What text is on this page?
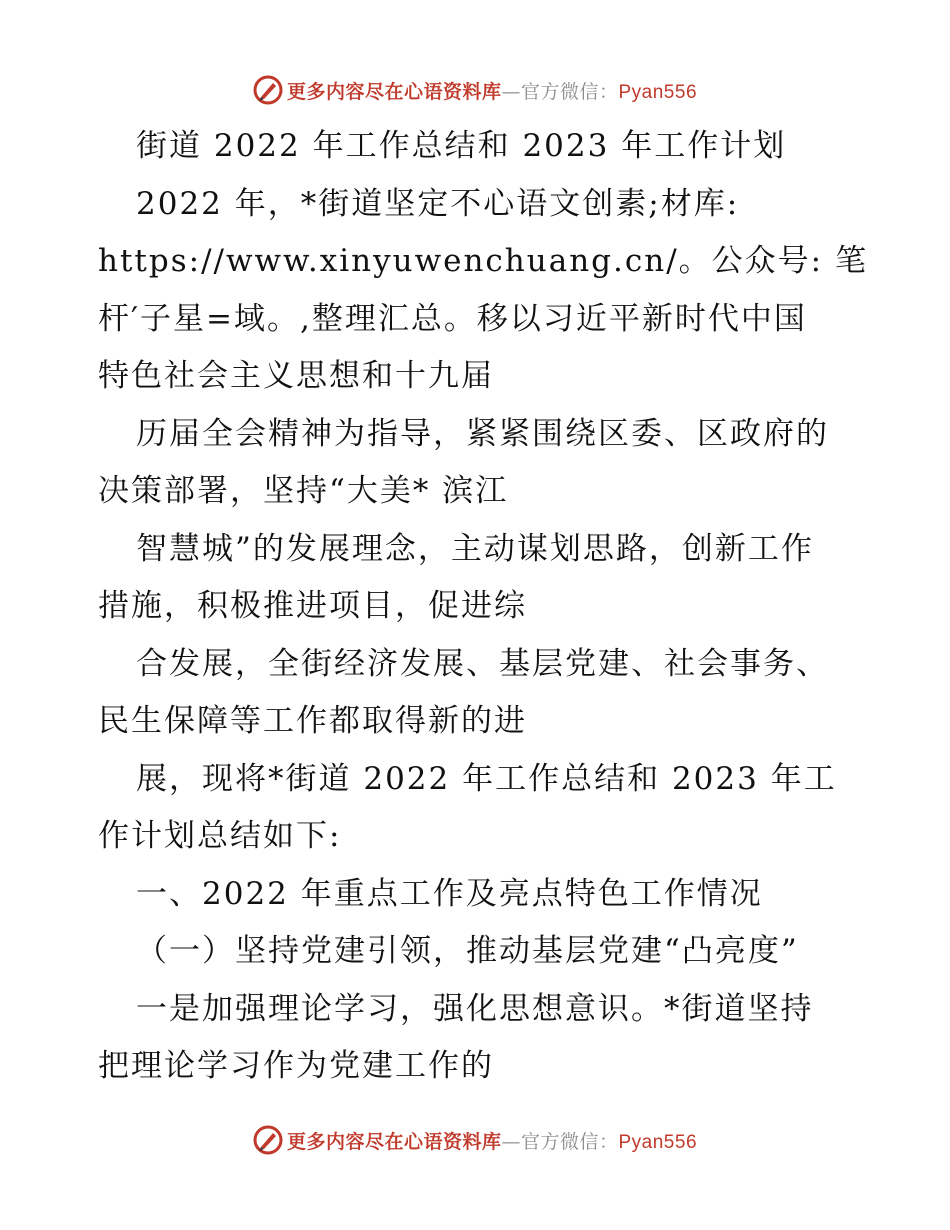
更多内容尽在心语资料库—官方微信：Pyan556
街道 2022 年工作总结和 2023 年工作计划
2022 年，*街道坚定不心语文创素;材库:
https://www.xinyuwenchuang.cn/。公众号: 笔
杆′子星=域。,整理汇总。移以习近平新时代中国
特色社会主义思想和十九届
历届全会精神为指导，紧紧围绕区委、区政府的
决策部署，坚持“大美* 滨江
智慧城”的发展理念，主动谋划思路，创新工作
措施，积极推进项目，促进综
合发展，全街经济发展、基层党建、社会事务、
民生保障等工作都取得新的进
展，现将*街道 2022 年工作总结和 2023 年工
作计划总结如下:
一、2022 年重点工作及亮点特色工作情况
（一）坚持党建引领，推动基层党建“凸亮度”
一是加强理论学习，强化思想意识。*街道坚持
把理论学习作为党建工作的
更多内容尽在心语资料库—官方微信：Pyan556
